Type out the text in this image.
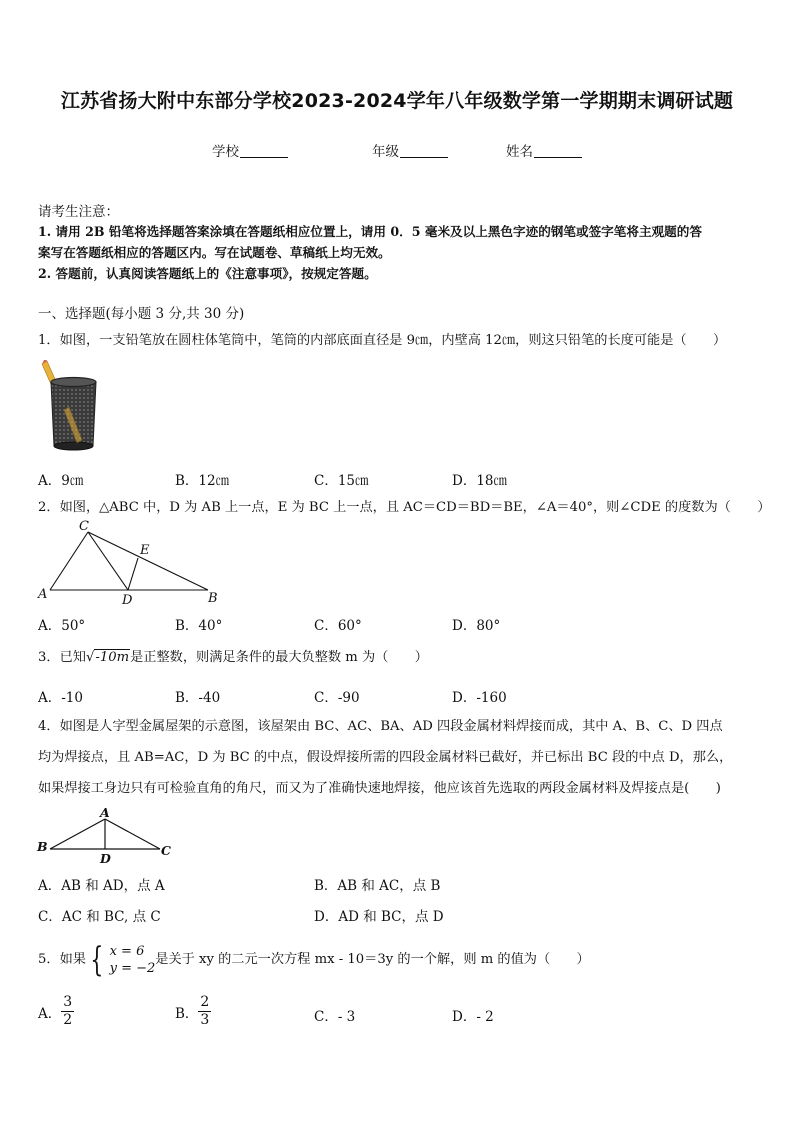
江苏省扬大附中东部分学校2023-2024学年八年级数学第一学期期末调研试题
学校	年级	姓名
请考生注意：
1. 请用 2B 铅笔将选择题答案涂填在答题纸相应位置上，请用 0．5 毫米及以上黑色字迹的钢笔或签字笔将主观题的答
案写在答题纸相应的答题区内。写在试题卷、草稿纸上均无效。
2. 答题前，认真阅读答题纸上的《注意事项》，按规定答题。
一、选择题(每小题 3 分,共 30 分)
1．如图，一支铅笔放在圆柱体笔筒中，笔筒的内部底面直径是 9㎝，内壁高 12㎝，则这只铅笔的长度可能是（　　）
A．9㎝	B．12㎝	C．15㎝	D．18㎝
2．如图，△ABC 中，D 为 AB 上一点，E 为 BC 上一点，且 AC＝CD＝BD＝BE，∠A＝40°，则∠CDE 的度数为（　　）
A
C
E
D	B
A．50°	B．40°	C．60°	D．80°
3．已知√-10m是正整数，则满足条件的最大负整数 m 为（　　）
A．-10	B．-40	C．-90	D．-160
4．如图是人字型金属屋架的示意图，该屋架由 BC、AC、BA、AD 四段金属材料焊接而成，其中 A、B、C、D 四点
均为焊接点，且 AB=AC，D 为 BC 的中点，假设焊接所需的四段金属材料已截好，并已标出 BC 段的中点 D，那么，
如果焊接工身边只有可检验直角的角尺，而又为了准确快速地焊接，他应该首先选取的两段金属材料及焊接点是(　　)
A
B	C
D
A．AB 和 AD，点 A	B．AB 和 AC，点 B
C．AC 和 BC, 点 C	D．AD 和 BC，点 D
5．如果 { x = 6
y = −2
是关于 xy 的二元一次方程 mx - 10＝3y 的一个解，则 m 的值为（　　）
A． $\frac{3}{2}$	B． $\frac{2}{3}$	C．- 3	D．- 2
